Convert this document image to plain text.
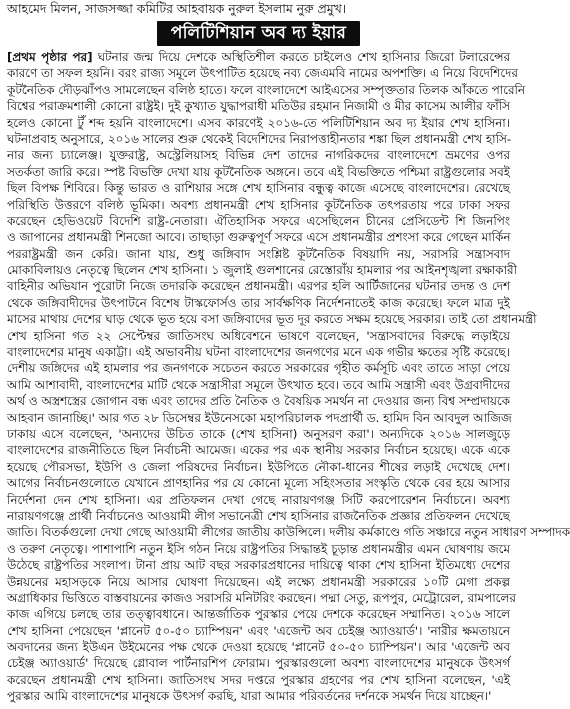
আহমেদ মিলন, সাজসজ্জা কমিটির আহবায়ক নুরুল ইসলাম নুরু প্রমুখ।

পলিটিশিয়ান অব দ্য ইয়ার
[প্রথম পৃষ্ঠার পর] ঘটনার জন্ম দিয়ে দেশকে অস্থিতিশীল করতে চাইলেও শেখ হাসিনার জিরো টলারেন্সের
কারণে তা সফল হয়নি। বরং রাজ্য সমূলে উৎপাটিত হয়েছে নব্য জেএমবি নামের অপশক্তি। এ নিয়ে বিদেশিদের
কূটনৈতিক দৌড়ঝাঁপও সামলেছেন বলিষ্ঠ হাতে। ফলে বাংলাদেশে আইএসের সম্পৃক্ততার তিলক আঁকতে পারেনি
বিশ্বের পরাক্রমশালী কোনো রাষ্ট্রই। দুই কুখ্যাত যুদ্ধাপরাধী মতিউর রহমান নিজামী ও মীর কাসেম আলীর ফাঁসি
হলেও কোনো টুঁ শব্দ হয়নি বাংলাদেশে। এসব কারণেই ২০১৬-তে পলিটিশিয়ান অব দ্য ইয়ার শেখ হাসিনা।
ঘটনাপ্রবাহ অনুসারে, ২০১৬ সালের শুরু থেকেই বিদেশিদের নিরাপত্তাহীনতার শঙ্কা ছিল প্রধানমন্ত্রী শেখ হাসি-
নার জন্য চ্যালেঞ্জ। যুক্তরাষ্ট্র, অস্ট্রেলিয়াসহ বিভিন্ন দেশ তাদের নাগরিকদের বাংলাদেশে ভ্রমণের ওপর
সতর্কতা জারি করে। স্পষ্ট বিভক্তি দেখা যায় কূটনৈতিক অঙ্গনে। তবে এই বিভক্তিতে পশ্চিমা রাষ্ট্রগুলোর সবই
ছিল বিপক্ষ শিবিরে। কিন্তু ভারত ও রাশিয়ার সঙ্গে শেখ হাসিনার বন্ধুত্ব কাজে এসেছে বাংলাদেশের। রেখেছে
পরিস্থিতি উত্তরণে বলিষ্ঠ ভূমিকা। অবশ্য প্রধানমন্ত্রী শেখ হাসিনার কূটনৈতিক তৎপরতায় পরে ঢাকা সফর
করেছেন হেভিওয়েট বিদেশি রাষ্ট্র-নেতারা। ঐতিহাসিক সফরে এসেছিলেন চীনের প্রেসিডেন্ট শি জিনপিং
ও জাপানের প্রধানমন্ত্রী শিনজো আবে। তাছাড়া গুরুত্বপূর্ণ সফরে এসে প্রধানমন্ত্রীর প্রশংসা করে গেছেন মার্কিন
পররাষ্ট্রমন্ত্রী জন কেরি। জানা যায়, শুধু জঙ্গিবাদ সংশ্লিষ্ট কূটনৈতিক বিষয়াদি নয়, সরাসরি সন্ত্রাসবাদ
মোকাবিলায়ও নেতৃত্বে ছিলেন শেখ হাসিনা। ১ জুলাই গুলশানের রেস্তোরাঁয় হামলার পর আইনশৃঙ্খলা রক্ষাকারী
বাহিনীর অভিযান পুরোটা নিজে তদারকি করেছেন প্রধানমন্ত্রী। এরপর হলি আর্টিজানের ঘটনার তদন্ত ও দেশ
থেকে জঙ্গিবাদীদের উৎপাটনে বিশেষ টাস্কফোর্সও তার সার্বক্ষণিক নির্দেশনাতেই কাজ করেছে। ফলে মাত্র দুই
মাসের মাথায় দেশের ঘাড় থেকে ভূত হয়ে বসা জঙ্গিবাদের ভূত দূর করতে সক্ষম হয়েছে সরকার। তাই তো প্রধানমন্ত্রী
শেখ হাসিনা গত ২২ সেপ্টেম্বর জাতিসংঘ অধিবেশনে ভাষণে বলেছেন, 'সন্ত্রাসবাদের বিরুদ্ধে লড়াইয়ে
বাংলাদেশের মানুষ একাট্টা। এই অভাবনীয় ঘটনা বাংলাদেশের জনগণের মনে এক গভীর ক্ষতের সৃষ্টি করেছে।
দেশীয় জঙ্গিদের এই হামলার পর জনগণকে সচেতন করতে সরকারের গৃহীত কর্মসূচি এবং তাতে সাড়া পেয়ে
আমি আশাবাদী, বাংলাদেশের মাটি থেকে সন্ত্রাসীরা সমূলে উৎখাত হবে। তবে আমি সন্ত্রাসী এবং উগ্রবাদীদের
অর্থ ও অস্ত্রশস্ত্রের জোগান বন্ধ এবং তাদের প্রতি নৈতিক ও বৈষয়িক সমর্থন না দেওয়ার জন্য বিশ্ব সম্প্রদায়কে
আহবান জানাচ্ছি।' আর গত ২৮ ডিসেম্বর ইউনেসকো মহাপরিচালক পদপ্রার্থী ড. হামিদ বিন আবদুল আজিজ
ঢাকায় এসে বলেছেন, 'অন্যদের উচিত তাকে (শেখ হাসিনা) অনুসরণ করা'। অন্যদিকে ২০১৬ সালজুড়ে
বাংলাদেশের রাজনীতিতে ছিল নির্বাচনী আমেজ। একের পর এক স্থানীয় সরকার নির্বাচন হয়েছে। একে একে
হয়েছে পৌরসভা, ইউপি ও জেলা পরিষদের নির্বাচন। ইউপিতে নৌকা-ধানের শীষের লড়াই দেখেছে দেশ।
আগের নির্বাচনগুলোতে যেখানে প্রাণহানির পর যে কোনো মূল্যে সহিংসতার সংস্কৃতি থেকে বের হয়ে আসার
নির্দেশনা দেন শেখ হাসিনা। এর প্রতিফলন দেখা গেছে নারায়ণগঞ্জ সিটি করপোরেশন নির্বাচনে। অবশ্য
নারায়ণগঞ্জে প্রার্থী নির্বাচনেও আওয়ামী লীগ সভানেত্রী শেখ হাসিনার রাজনৈতিক প্রজ্ঞার প্রতিফলন দেখেছে
জাতি। বিতর্কগুলো দেখা গেছে আওয়ামী লীগের জাতীয় কাউন্সিলে। দলীয় কর্মকাণ্ডে গতি সঞ্চারে নতুন সাধারণ সম্পাদক
ও তরুণ নেতৃত্বে। পাশাপাশি নতুন ইসি গঠন নিয়ে রাষ্ট্রপতির সিদ্ধান্তই চূড়ান্ত প্রধানমন্ত্রীর এমন ঘোষণায় জমে
উঠেছে রাষ্ট্রপতির সংলাপ। টানা প্রায় আট বছর সরকারপ্রধানের দায়িত্বে থাকা শেখ হাসিনা ইতিমধ্যে দেশের
উন্নয়নের মহাসড়কে নিয়ে আসার ঘোষণা দিয়েছেন। এই লক্ষ্যে প্রধানমন্ত্রী সরকারের ১০টি মেগা প্রকল্প
অগ্রাধিকার ভিত্তিতে বাস্তবায়নের কাজও সরাসরি মনিটরিং করছেন। পদ্মা সেতু, রূপপুর, মেট্রোরেল, রামপালের
কাজ এগিয়ে চলছে তার তত্ত্বাবধানে। আন্তর্জাতিক পুরস্কার পেয়ে দেশকে করেছেন সম্মানিত। ২০১৬ সালে
শেখ হাসিনা পেয়েছেন 'প্লানেট ৫০-৫০ চ্যাম্পিয়ন' এবং 'এজেন্ট অব চেইঞ্জ অ্যাওয়ার্ড'। 'নারীর ক্ষমতায়নে
অবদানের জন্য ইউএন উইমেনের পক্ষ থেকে দেওয়া হয়েছে 'প্লানেট ৫০-৫০ চ্যাম্পিয়ন'। আর 'এজেন্ট অব
চেইঞ্জ অ্যাওয়ার্ড' দিয়েছে গ্লোবাল পার্টনারশিপ ফোরাম। পুরস্কারগুলো অবশ্য বাংলাদেশের মানুষকে উৎসর্গ
করেছেন প্রধানমন্ত্রী শেখ হাসিনা। জাতিসংঘ সদর দপ্তরে পুরস্কার গ্রহণের পর শেখ হাসিনা বলেছেন, 'এই
পুরস্কার আমি বাংলাদেশের মানুষকে উৎসর্গ করছি, যারা আমার পরিবর্তনের দর্শনকে সমর্থন দিয়ে যাচ্ছেন।'
